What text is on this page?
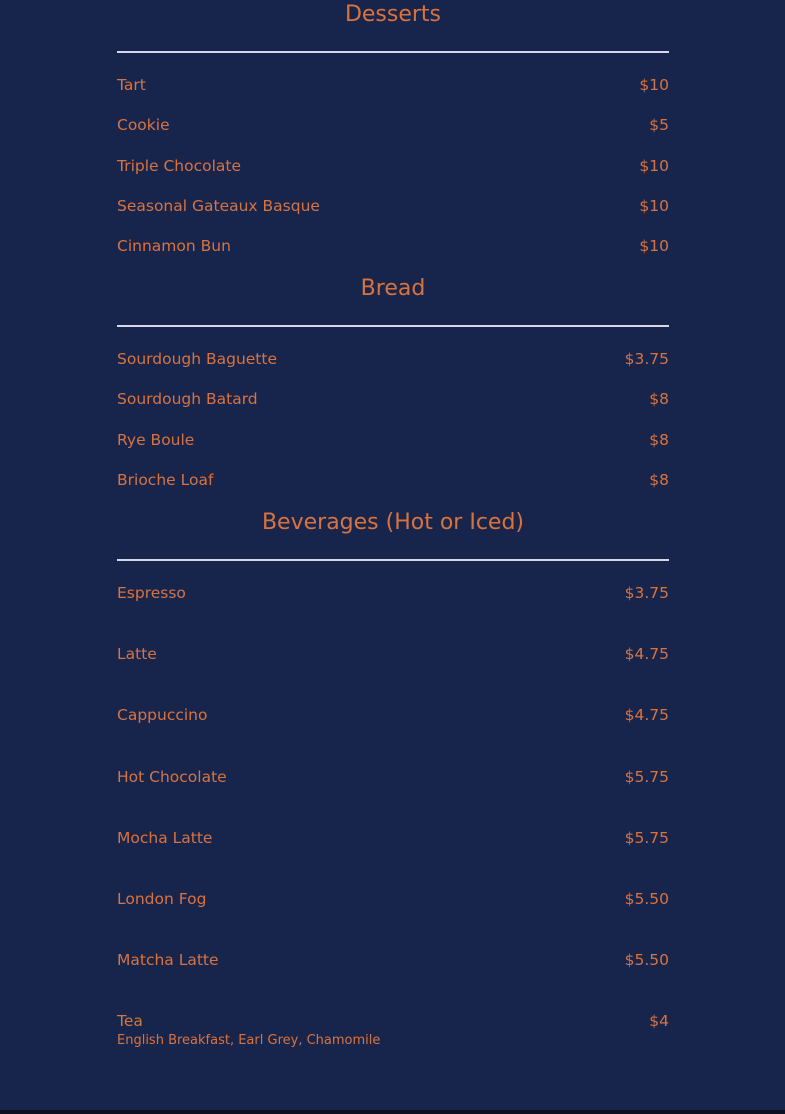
Desserts
Tart	$10
Cookie	$5
Triple Chocolate	$10
Seasonal Gateaux Basque	$10
Cinnamon Bun	$10
Bread
Sourdough Baguette	$3.75
Sourdough Batard	$8
Rye Boule	$8
Brioche Loaf	$8
Beverages (Hot or Iced)
Espresso	$3.75
Latte	$4.75
Cappuccino	$4.75
Hot Chocolate	$5.75
Mocha Latte	$5.75
London Fog	$5.50
Matcha Latte	$5.50
Tea	$4
English Breakfast, Earl Grey, Chamomile
